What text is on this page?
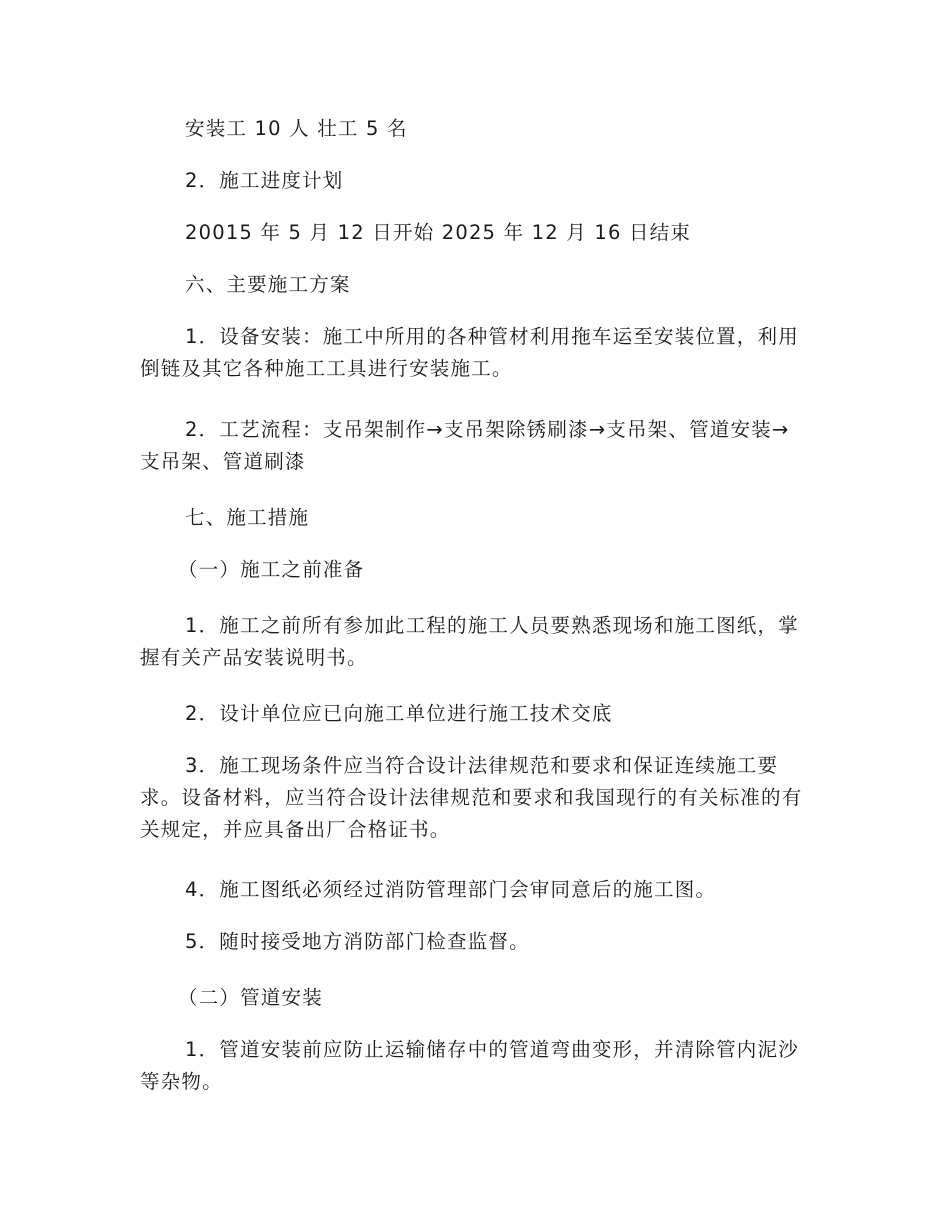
安装工 10 人 壮工 5 名

2．施工进度计划

20015 年 5 月 12 日开始 2025 年 12 月 16 日结束

六、主要施工方案

1．设备安装：施工中所用的各种管材利用拖车运至安装位置，利用倒链及其它各种施工工具进行安装施工。

2．工艺流程：支吊架制作→支吊架除锈刷漆→支吊架、管道安装→支吊架、管道刷漆

七、施工措施

（一）施工之前准备

1．施工之前所有参加此工程的施工人员要熟悉现场和施工图纸，掌握有关产品安装说明书。

2．设计单位应已向施工单位进行施工技术交底

3．施工现场条件应当符合设计法律规范和要求和保证连续施工要求。设备材料，应当符合设计法律规范和要求和我国现行的有关标准的有关规定，并应具备出厂合格证书。

4．施工图纸必须经过消防管理部门会审同意后的施工图。

5．随时接受地方消防部门检查监督。

（二）管道安装

1．管道安装前应防止运输储存中的管道弯曲变形，并清除管内泥沙等杂物。
